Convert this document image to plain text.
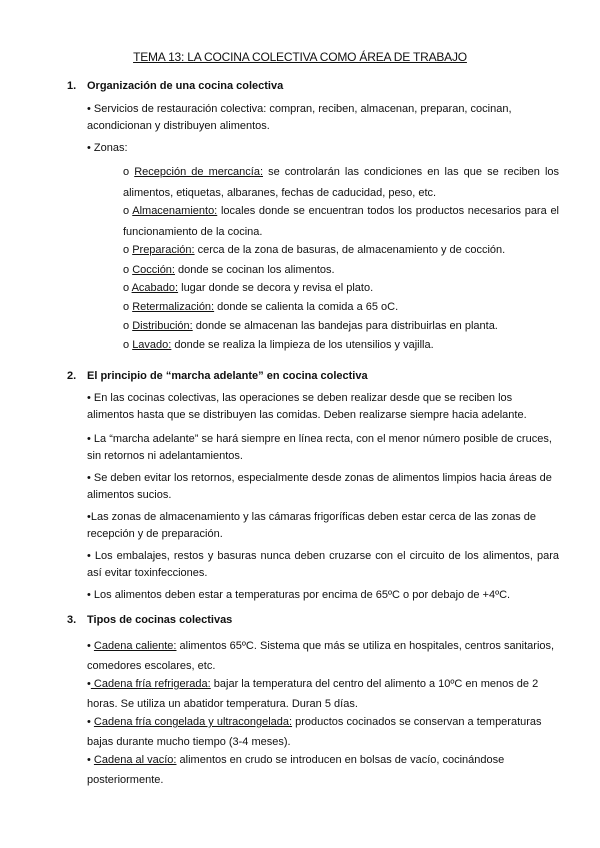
TEMA 13: LA COCINA COLECTIVA COMO ÁREA DE TRABAJO
1. Organización de una cocina colectiva
• Servicios de restauración colectiva: compran, reciben, almacenan, preparan, cocinan, acondicionan y distribuyen alimentos.
• Zonas:
o Recepción de mercancía: se controlarán las condiciones en las que se reciben los alimentos, etiquetas, albaranes, fechas de caducidad, peso, etc.
o Almacenamiento: locales donde se encuentran todos los productos necesarios para el funcionamiento de la cocina.
o Preparación: cerca de la zona de basuras, de almacenamiento y de cocción.
o Cocción: donde se cocinan los alimentos.
o Acabado: lugar donde se decora y revisa el plato.
o Retermalización: donde se calienta la comida a 65 oC.
o Distribución: donde se almacenan las bandejas para distribuirlas en planta.
o Lavado: donde se realiza la limpieza de los utensilios y vajilla.
2. El principio de “marcha adelante” en cocina colectiva
• En las cocinas colectivas, las operaciones se deben realizar desde que se reciben los alimentos hasta que se distribuyen las comidas. Deben realizarse siempre hacia adelante.
• La “marcha adelante” se hará siempre en línea recta, con el menor número posible de cruces, sin retornos ni adelantamientos.
• Se deben evitar los retornos, especialmente desde zonas de alimentos limpios hacia áreas de alimentos sucios.
•Las zonas de almacenamiento y las cámaras frigoríficas deben estar cerca de las zonas de recepción y de preparación.
• Los embalajes, restos y basuras nunca deben cruzarse con el circuito de los alimentos, para así evitar toxinfecciones.
• Los alimentos deben estar a temperaturas por encima de 65ºC o por debajo de +4ºC.
3. Tipos de cocinas colectivas
• Cadena caliente: alimentos 65ºC. Sistema que más se utiliza en hospitales, centros sanitarios, comedores escolares, etc.
• Cadena fría refrigerada: bajar la temperatura del centro del alimento a 10ºC en menos de 2 horas. Se utiliza un abatidor temperatura. Duran 5 días.
• Cadena fría congelada y ultracongelada: productos cocinados se conservan a temperaturas bajas durante mucho tiempo (3-4 meses).
• Cadena al vacío: alimentos en crudo se introducen en bolsas de vacío, cocinándose posteriormente.
